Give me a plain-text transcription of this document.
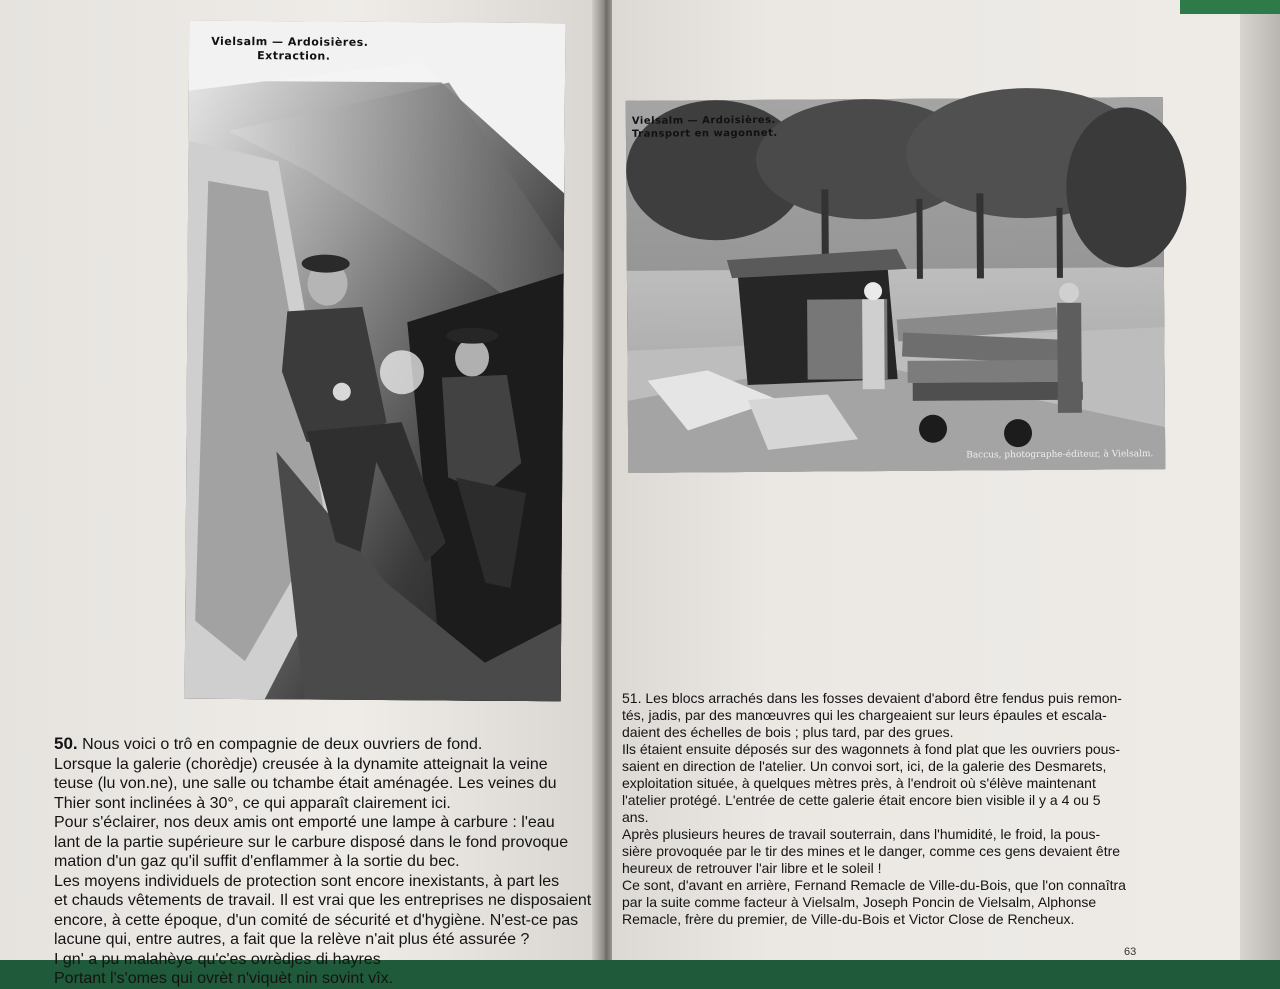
Vielsalm — Ardoisières.
Extraction.
50. Nous voici o trô en compagnie de deux ouvriers de fond.
Lorsque la galerie (chorèdje) creusée à la dynamite atteignait la veine
teuse (lu von.ne), une salle ou tchambe était aménagée. Les veines du
Thier sont inclinées à 30°, ce qui apparaît clairement ici.
Pour s'éclairer, nos deux amis ont emporté une lampe à carbure : l'eau
lant de la partie supérieure sur le carbure disposé dans le fond provoque
mation d'un gaz qu'il suffit d'enflammer à la sortie du bec.
Les moyens individuels de protection sont encore inexistants, à part les
et chauds vêtements de travail. Il est vrai que les entreprises ne disposaient
encore, à cette époque, d'un comité de sécurité et d'hygiène. N'est-ce pas
lacune qui, entre autres, a fait que la relève n'ait plus été assurée ?
I gn' a pu malahèye qu'c'es ovrèdjes di hayres
Portant l's'omes qui ovrèt n'viquèt nin sovint vîx.
Vielsalm — Ardoisières.
Transport en wagonnet.
Baccus, photographe-éditeur, à Vielsalm.
51. Les blocs arrachés dans les fosses devaient d'abord être fendus puis remon-
tés, jadis, par des manœuvres qui les chargeaient sur leurs épaules et escala-
daient des échelles de bois ; plus tard, par des grues.
Ils étaient ensuite déposés sur des wagonnets à fond plat que les ouvriers pous-
saient en direction de l'atelier. Un convoi sort, ici, de la galerie des Desmarets,
exploitation située, à quelques mètres près, à l'endroit où s'élève maintenant
l'atelier protégé. L'entrée de cette galerie était encore bien visible il y a 4 ou 5
ans.
Après plusieurs heures de travail souterrain, dans l'humidité, le froid, la pous-
sière provoquée par le tir des mines et le danger, comme ces gens devaient être
heureux de retrouver l'air libre et le soleil !
Ce sont, d'avant en arrière, Fernand Remacle de Ville-du-Bois, que l'on connaîtra
par la suite comme facteur à Vielsalm, Joseph Poncin de Vielsalm, Alphonse
Remacle, frère du premier, de Ville-du-Bois et Victor Close de Rencheux.
63
